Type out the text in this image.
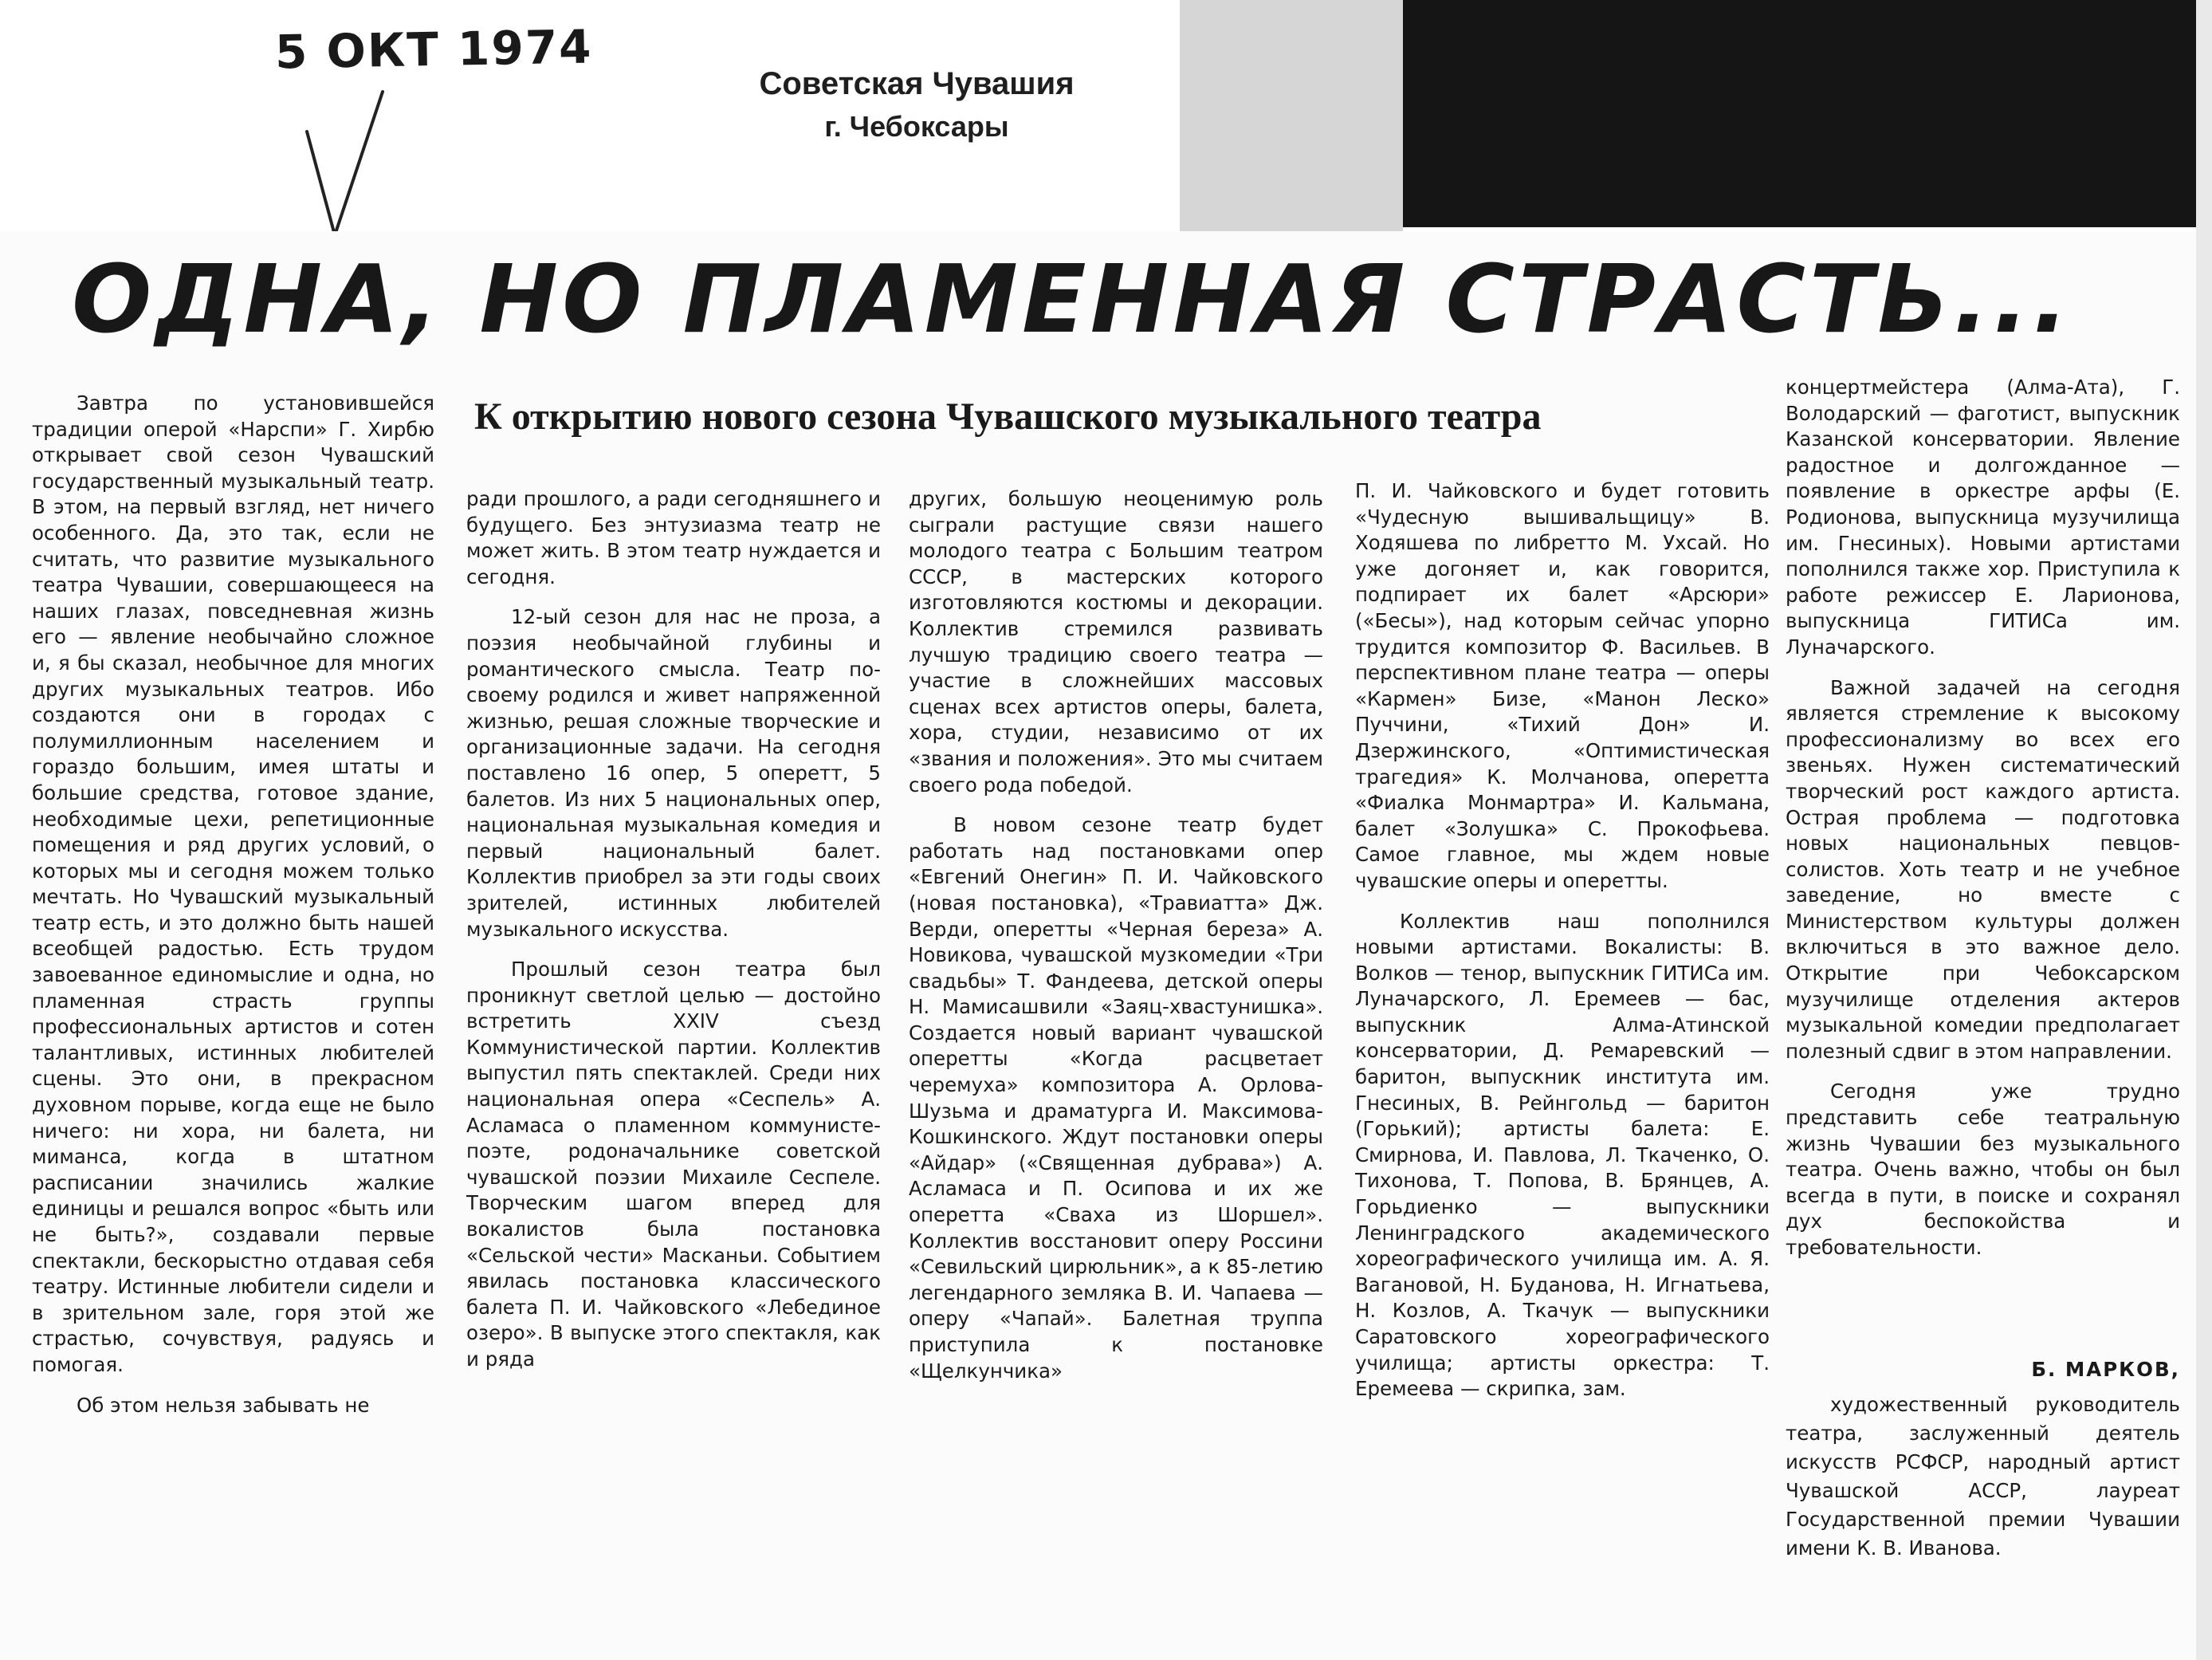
5 ОКТ 1974
Советская Чувашия
г. Чебоксары
ОДНА, НО ПЛАМЕННАЯ СТРАСТЬ...
К открытию нового сезона Чувашского музыкального театра

Завтра по установившейся традиции оперой «Нарспи» Г. Хирбю открывает свой сезон Чувашский государственный музыкальный театр. В этом, на первый взгляд, нет ничего особенного. Да, это так, если не считать, что развитие музыкального театра Чувашии, совершающееся на наших глазах, повседневная жизнь его — явление необычайно сложное и, я бы сказал, необычное для многих других музыкальных театров. Ибо создаются они в городах с полумиллионным населением и гораздо большим, имея штаты и большие средства, готовое здание, необходимые цехи, репетиционные помещения и ряд других условий, о которых мы и сегодня можем только мечтать. Но Чувашский музыкальный театр есть, и это должно быть нашей всеобщей радостью. Есть трудом завоеванное единомыслие и одна, но пламенная страсть группы профессиональных артистов и сотен талантливых, истинных любителей сцены. Это они, в прекрасном духовном порыве, когда еще не было ничего: ни хора, ни балета, ни миманса, когда в штатном расписании значились жалкие единицы и решался вопрос «быть или не быть?», создавали первые спектакли, бескорыстно отдавая себя театру. Истинные любители сидели и в зрительном зале, горя этой же страстью, сочувствуя, радуясь и помогая.

Об этом нельзя забывать не

ради прошлого, а ради сегодняшнего и будущего. Без энтузиазма театр не может жить. В этом театр нуждается и сегодня.

12-ый сезон для нас не проза, а поэзия необычайной глубины и романтического смысла. Театр по-своему родился и живет напряженной жизнью, решая сложные творческие и организационные задачи. На сегодня поставлено 16 опер, 5 оперетт, 5 балетов. Из них 5 национальных опер, национальная музыкальная комедия и первый национальный балет. Коллектив приобрел за эти годы своих зрителей, истинных любителей музыкального искусства.

Прошлый сезон театра был проникнут светлой целью — достойно встретить XXIV съезд Коммунистической партии. Коллектив выпустил пять спектаклей. Среди них национальная опера «Сеспель» А. Асламаса о пламенном коммунисте-поэте, родоначальнике советской чувашской поэзии Михаиле Сеспеле. Творческим шагом вперед для вокалистов была постановка «Сельской чести» Масканьи. Событием явилась постановка классического балета П. И. Чайковского «Лебединое озеро». В выпуске этого спектакля, как и ряда

других, большую неоценимую роль сыграли растущие связи нашего молодого театра с Большим театром СССР, в мастерских которого изготовляются костюмы и декорации. Коллектив стремился развивать лучшую традицию своего театра — участие в сложнейших массовых сценах всех артистов оперы, балета, хора, студии, независимо от их «звания и положения». Это мы считаем своего рода победой.

В новом сезоне театр будет работать над постановками опер «Евгений Онегин» П. И. Чайковского (новая постановка), «Травиатта» Дж. Верди, оперетты «Черная береза» А. Новикова, чувашской музкомедии «Три свадьбы» Т. Фандеева, детской оперы Н. Мамисашвили «Заяц-хвастунишка». Создается новый вариант чувашской оперетты «Когда расцветает черемуха» композитора А. Орлова-Шузьма и драматурга И. Максимова-Кошкинского. Ждут постановки оперы «Айдар» («Священная дубрава») А. Асламаса и П. Осипова и их же оперетта «Сваха из Шоршел». Коллектив восстановит оперу Россини «Севильский цирюльник», а к 85-летию легендарного земляка В. И. Чапаева — оперу «Чапай». Балетная труппа приступила к постановке «Щелкунчика»

П. И. Чайковского и будет готовить «Чудесную вышивальщицу» В. Ходяшева по либретто М. Ухсай. Но уже догоняет и, как говорится, подпирает их балет «Арсюри» («Бесы»), над которым сейчас упорно трудится композитор Ф. Васильев. В перспективном плане театра — оперы «Кармен» Бизе, «Манон Леско» Пуччини, «Тихий Дон» И. Дзержинского, «Оптимистическая трагедия» К. Молчанова, оперетта «Фиалка Монмартра» И. Кальмана, балет «Золушка» С. Прокофьева. Самое главное, мы ждем новые чувашские оперы и оперетты.

Коллектив наш пополнился новыми артистами. Вокалисты: В. Волков — тенор, выпускник ГИТИСа им. Луначарского, Л. Еремеев — бас, выпускник Алма-Атинской консерватории, Д. Ремаревский — баритон, выпускник института им. Гнесиных, В. Рейнгольд — баритон (Горький); артисты балета: Е. Смирнова, И. Павлова, Л. Ткаченко, О. Тихонова, Т. Попова, В. Брянцев, А. Горьдиенко — выпускники Ленинградского академического хореографического училища им. А. Я. Вагановой, Н. Буданова, Н. Игнатьева, Н. Козлов, А. Ткачук — выпускники Саратовского хореографического училища; артисты оркестра: Т. Еремеева — скрипка, зам.

концертмейстера (Алма-Ата), Г. Володарский — фаготист, выпускник Казанской консерватории. Явление радостное и долгожданное — появление в оркестре арфы (Е. Родионова, выпускница музучилища им. Гнесиных). Новыми артистами пополнился также хор. Приступила к работе режиссер Е. Ларионова, выпускница ГИТИСа им. Луначарского.

Важной задачей на сегодня является стремление к высокому профессионализму во всех его звеньях. Нужен систематический творческий рост каждого артиста. Острая проблема — подготовка новых национальных певцов-солистов. Хоть театр и не учебное заведение, но вместе с Министерством культуры должен включиться в это важное дело. Открытие при Чебоксарском музучилище отделения актеров музыкальной комедии предполагает полезный сдвиг в этом направлении.

Сегодня уже трудно представить себе театральную жизнь Чувашии без музыкального театра. Очень важно, чтобы он был всегда в пути, в поиске и сохранял дух беспокойства и требовательности.

Б. МАРКОВ,
художественный руководитель театра, заслуженный деятель искусств РСФСР, народный артист Чувашской АССР, лауреат Государственной премии Чувашии имени К. В. Иванова.
